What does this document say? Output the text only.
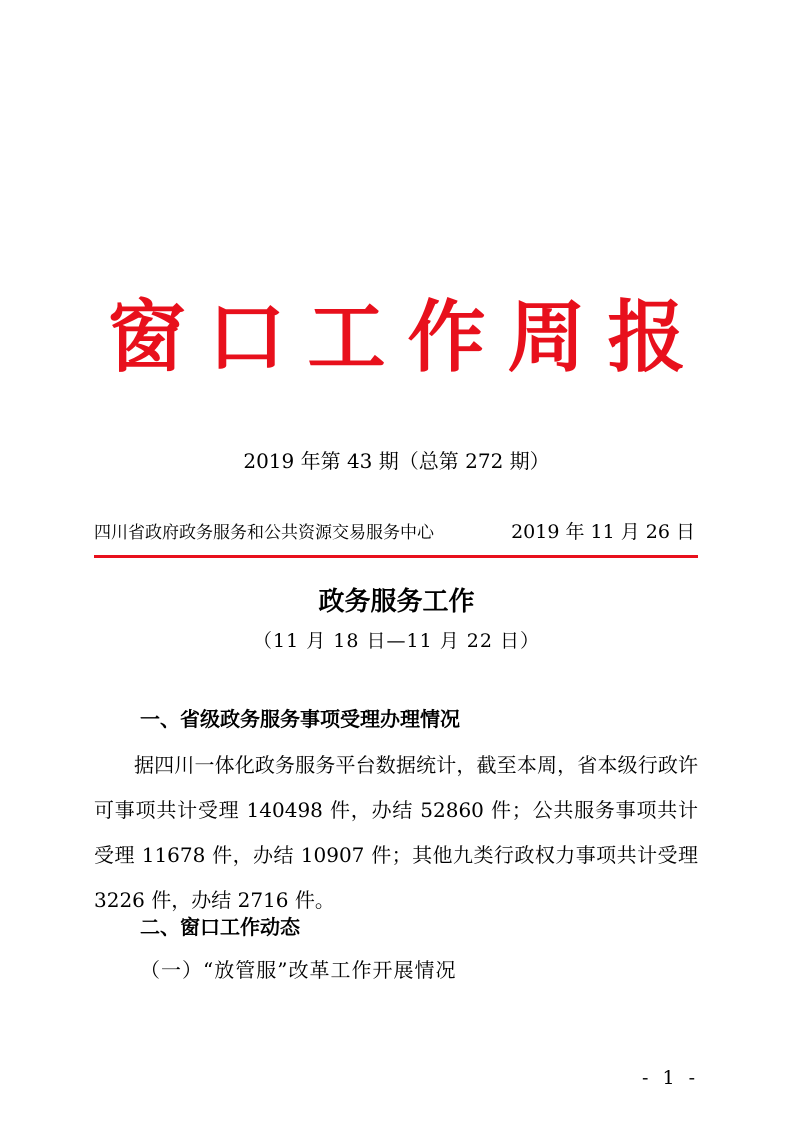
窗口工作周报
2019 年第 43 期（总第 272 期）
四川省政府政务服务和公共资源交易服务中心	2019 年 11 月 26 日
政务服务工作
（11 月 18 日—11 月 22 日）
一、省级政务服务事项受理办理情况
据四川一体化政务服务平台数据统计，截至本周，省本级行政许可事项共计受理 140498 件，办结 52860 件；公共服务事项共计受理 11678 件，办结 10907 件；其他九类行政权力事项共计受理 3226 件，办结 2716 件。
二、窗口工作动态
（一）“放管服”改革工作开展情况
- 1 -
